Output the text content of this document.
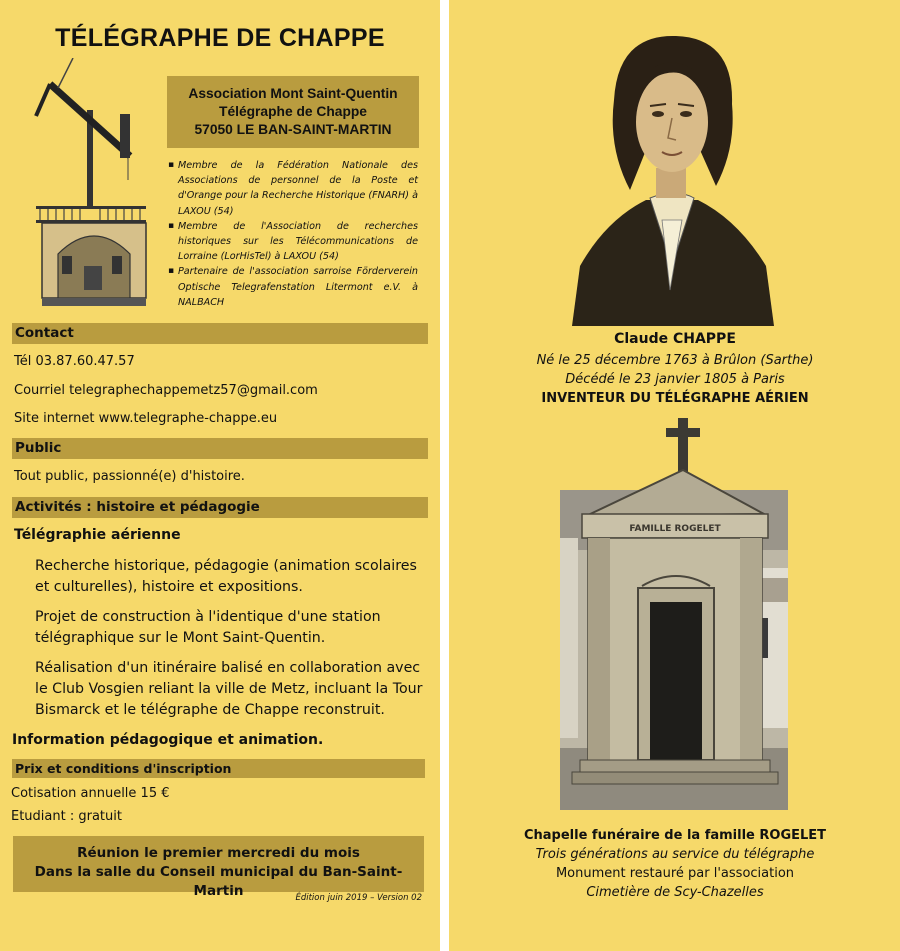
TÉLÉGRAPHE DE CHAPPE
Association Mont Saint-Quentin
Télégraphe de Chappe
57050 LE BAN-SAINT-MARTIN
▪ Membre de la Fédération Nationale des Associations de personnel de la Poste et d'Orange pour la Recherche Historique (FNARH) à LAXOU (54)
▪ Membre de l'Association de recherches historiques sur les Télécommunications de Lorraine (LorHisTel) à LAXOU (54)
▪ Partenaire de l'association sarroise Förderverein Optische Telegrafenstation Litermont e.V. à NALBACH
Contact
Tél 03.87.60.47.57
Courriel telegraphechappemetz57@gmail.com
Site internet www.telegraphe-chappe.eu
Public
Tout public, passionné(e) d'histoire.
Activités : histoire et pédagogie
Télégraphie aérienne
Recherche historique, pédagogie (animation scolaires et culturelles), histoire et expositions.
Projet de construction à l'identique d'une station télégraphique sur le Mont Saint-Quentin.
Réalisation d'un itinéraire balisé en collaboration avec le Club Vosgien reliant la ville de Metz, incluant la Tour Bismarck et le télégraphe de Chappe reconstruit.
Information pédagogique et animation.
Prix et conditions d'inscription
Cotisation annuelle 15 €
Etudiant : gratuit
Réunion le premier mercredi du mois
Dans la salle du Conseil municipal du Ban-Saint-Martin	Édition juin 2019 – Version 02
Claude CHAPPE
Né le 25 décembre 1763 à Brûlon (Sarthe)
Décédé le 23 janvier 1805 à Paris
INVENTEUR DU TÉLÉGRAPHE AÉRIEN
FAMILLE ROGELET
Chapelle funéraire de la famille ROGELET
Trois générations au service du télégraphe
Monument restauré par l'association
Cimetière de Scy-Chazelles
